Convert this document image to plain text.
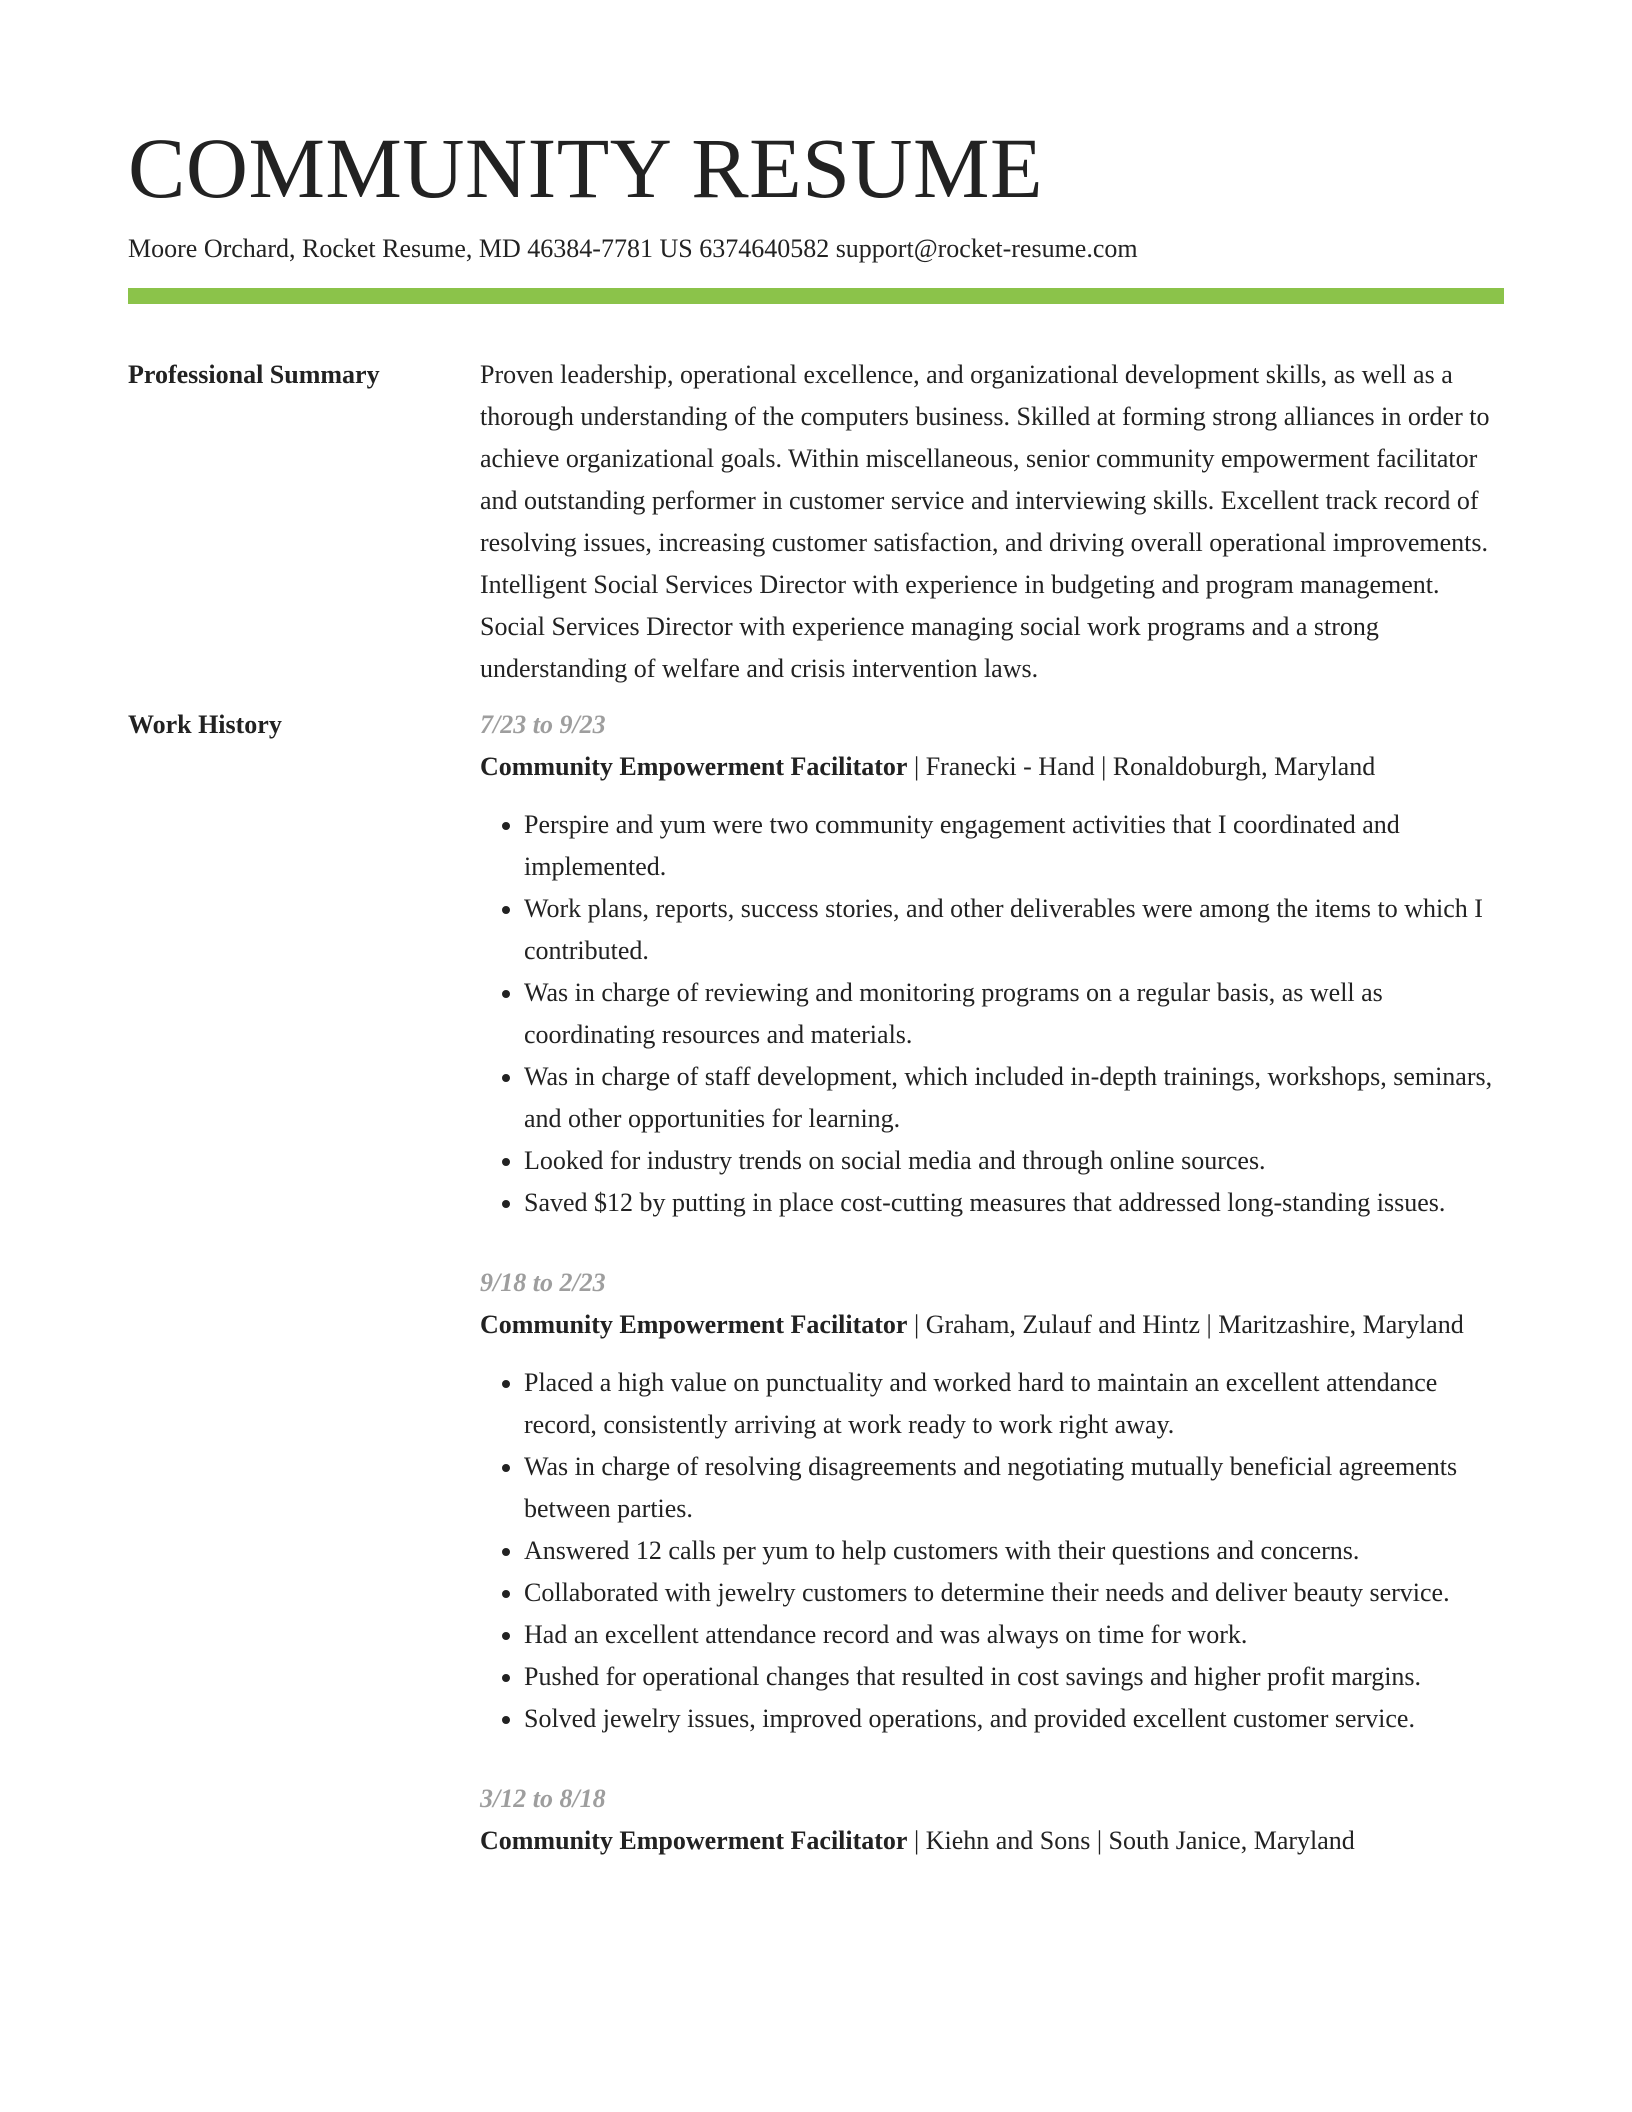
COMMUNITY RESUME
Moore Orchard, Rocket Resume, MD 46384-7781 US 6374640582 support@rocket-resume.com
Professional Summary	Proven leadership, operational excellence, and organizational development skills, as well as a thorough understanding of the computers business. Skilled at forming strong alliances in order to achieve organizational goals. Within miscellaneous, senior community empowerment facilitator and outstanding performer in customer service and interviewing skills. Excellent track record of resolving issues, increasing customer satisfaction, and driving overall operational improvements. Intelligent Social Services Director with experience in budgeting and program management. Social Services Director with experience managing social work programs and a strong understanding of welfare and crisis intervention laws.

Work History	7/23 to 9/23
Community Empowerment Facilitator | Franecki - Hand | Ronaldoburgh, Maryland
• Perspire and yum were two community engagement activities that I coordinated and implemented.
• Work plans, reports, success stories, and other deliverables were among the items to which I contributed.
• Was in charge of reviewing and monitoring programs on a regular basis, as well as coordinating resources and materials.
• Was in charge of staff development, which included in-depth trainings, workshops, seminars, and other opportunities for learning.
• Looked for industry trends on social media and through online sources.
• Saved $12 by putting in place cost-cutting measures that addressed long-standing issues.
9/18 to 2/23
Community Empowerment Facilitator | Graham, Zulauf and Hintz | Maritzashire, Maryland
• Placed a high value on punctuality and worked hard to maintain an excellent attendance record, consistently arriving at work ready to work right away.
• Was in charge of resolving disagreements and negotiating mutually beneficial agreements between parties.
• Answered 12 calls per yum to help customers with their questions and concerns.
• Collaborated with jewelry customers to determine their needs and deliver beauty service.
• Had an excellent attendance record and was always on time for work.
• Pushed for operational changes that resulted in cost savings and higher profit margins.
• Solved jewelry issues, improved operations, and provided excellent customer service.
3/12 to 8/18
Community Empowerment Facilitator | Kiehn and Sons | South Janice, Maryland
